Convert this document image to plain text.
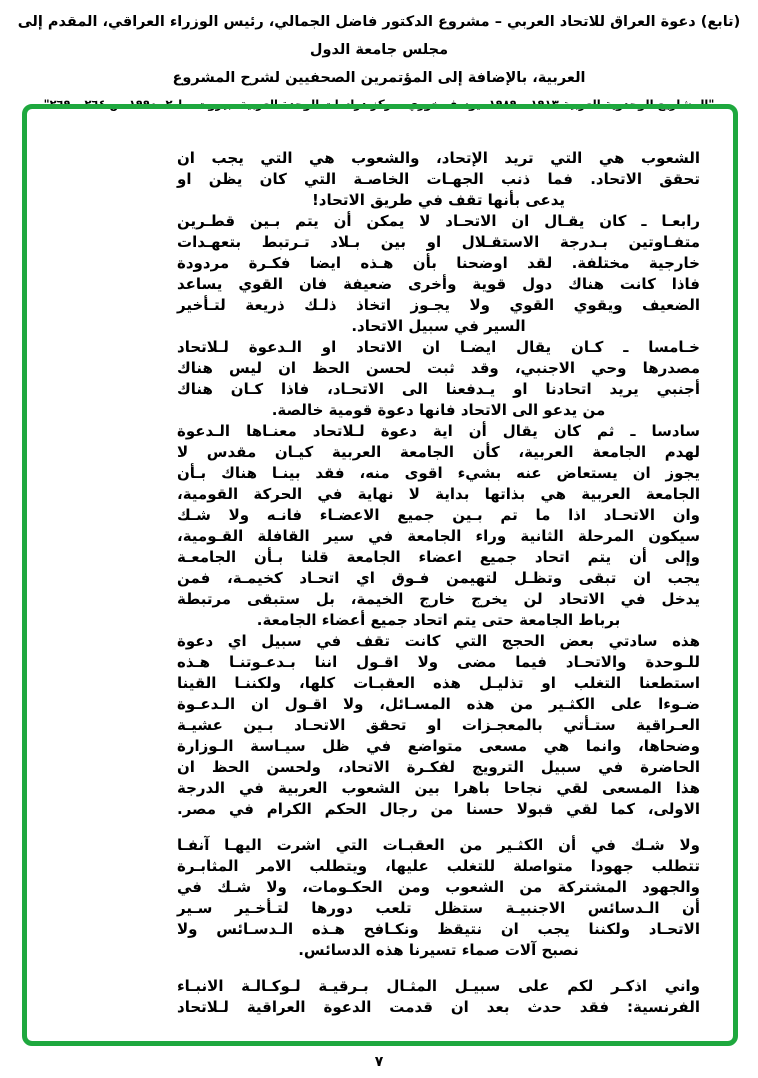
(تابع) دعوة العراق للاتحاد العربي – مشروع الدكتور فاضل الجمالي، رئيس الوزراء العراقي، المقدم إلى مجلس جامعة الدول
العربية، بالإضافة إلى المؤتمرين الصحفيين لشرح المشروع
"المشاريع الوحدوية العربية ١٩١٣ – ١٩٨٩، يوسف خوري، مركز دراسات الوحدة العربية، بيروت، ط ٢، ١٩٩٠ ص ٢٦٤ – ٢٦٩"
الشعوب هي التي تريد الإتحاد، والشعوب هي التي يجب ان
تحقق الاتحاد. فما ذنب الجهـات الخاصـة التي كان يظن او
يدعى بأنها تقف في طريق الاتحاد!
رابعـا ـ كان يقـال ان الاتحـاد لا يمكن أن يتم بـين قطـرين
متفـاوتين بـدرجة الاستقـلال او بين بـلاد تـرتبط بتعهـدات
خارجية مختلفة. لقد اوضحنا بأن هـذه ايضا فكـرة مردودة
فاذا كانت هناك دول قوية وأخرى ضعيفة فان القوي يساعد
الضعيف ويقوي القوي ولا يجـوز اتخاذ ذلـك ذريعة لتـأخير
السير في سبيل الاتحاد.
خـامسا ـ كـان يقال ايضـا ان الاتحاد او الـدعوة لـلاتحاد
مصدرها وحي الاجنبي، وقد ثبت لحسن الحظ ان ليس هناك
أجنبي يريد اتحادنا او يـدفعنا الى الاتحـاد، فاذا كـان هناك
من يدعو الى الاتحاد فانها دعوة قومية خالصة.
سادسا ـ ثم كان يقال أن اية دعوة لـلاتحاد معنـاها الـدعوة
لهدم الجامعة العربية، كأن الجامعة العربية كيـان مقدس لا
يجوز ان يستعاض عنه بشيء اقوى منه، فقد بينـا هناك بـأن
الجامعة العربية هي بذاتها بداية لا نهاية في الحركة القومية،
وان الاتحـاد اذا ما تم بـين جميع الاعضـاء فانـه ولا شـك
سيكون المرحلة الثانية وراء الجامعة في سير القافلة القـومية،
وإلى أن يتم اتحاد جميع اعضاء الجامعة قلنا بـأن الجامعـة
يجب ان تبقى وتظـل لتهيمن فـوق اي اتحـاد كخيمـة، فمن
يدخل في الاتحاد لن يخرج خارج الخيمة، بل ستبقى مرتبطة
برباط الجامعة حتى يتم اتحاد جميع أعضاء الجامعة.
هذه سادتي بعض الحجج التي كانت تقف في سبيل اي دعوة
للـوحدة والاتحـاد فيما مضى ولا اقـول اننا بـدعـوتنـا هـذه
استطعنا التغلب او تذليـل هذه العقبـات كلها، ولكننـا القينا
ضـوءا على الكثـير من هذه المسـائل، ولا اقـول ان الـدعـوة
العـراقية ستـأتي بالمعجـزات او تحقق الاتحـاد بـين عشيـة
وضحاها، وانما هي مسعى متواضع في ظل سيـاسة الـوزارة
الحاضرة في سبيل الترويج لفكـرة الاتحاد، ولحسن الحظ ان
هذا المسعى لقي نجاحا باهرا بين الشعوب العربية في الدرجة
الاولى، كما لقي قبولا حسنا من رجال الحكم الكرام في مصر.
ولا شـك في أن الكثـير من العقبـات التي اشرت اليهـا آنفـا
تتطلب جهودا متواصلة للتغلب عليها، ويتطلب الامر المثابـرة
والجهود المشتركة من الشعوب ومن الحكـومات، ولا شـك في
أن الـدسائس الاجنبيـة ستظل تلعب دورها لتـأخـير سـير
الاتحـاد ولكننا يجب ان نتيقظ ونكـافح هـذه الـدسـائس ولا
نصبح آلات صماء تسيرنا هذه الدسائس.
واني اذكـر لكم على سبيـل المثـال بـرقيـة لـوكـالـة الانبـاء
الفرنسية: فقد حدث بعد ان قدمت الدعوة العراقية لـلاتحاد
٧
